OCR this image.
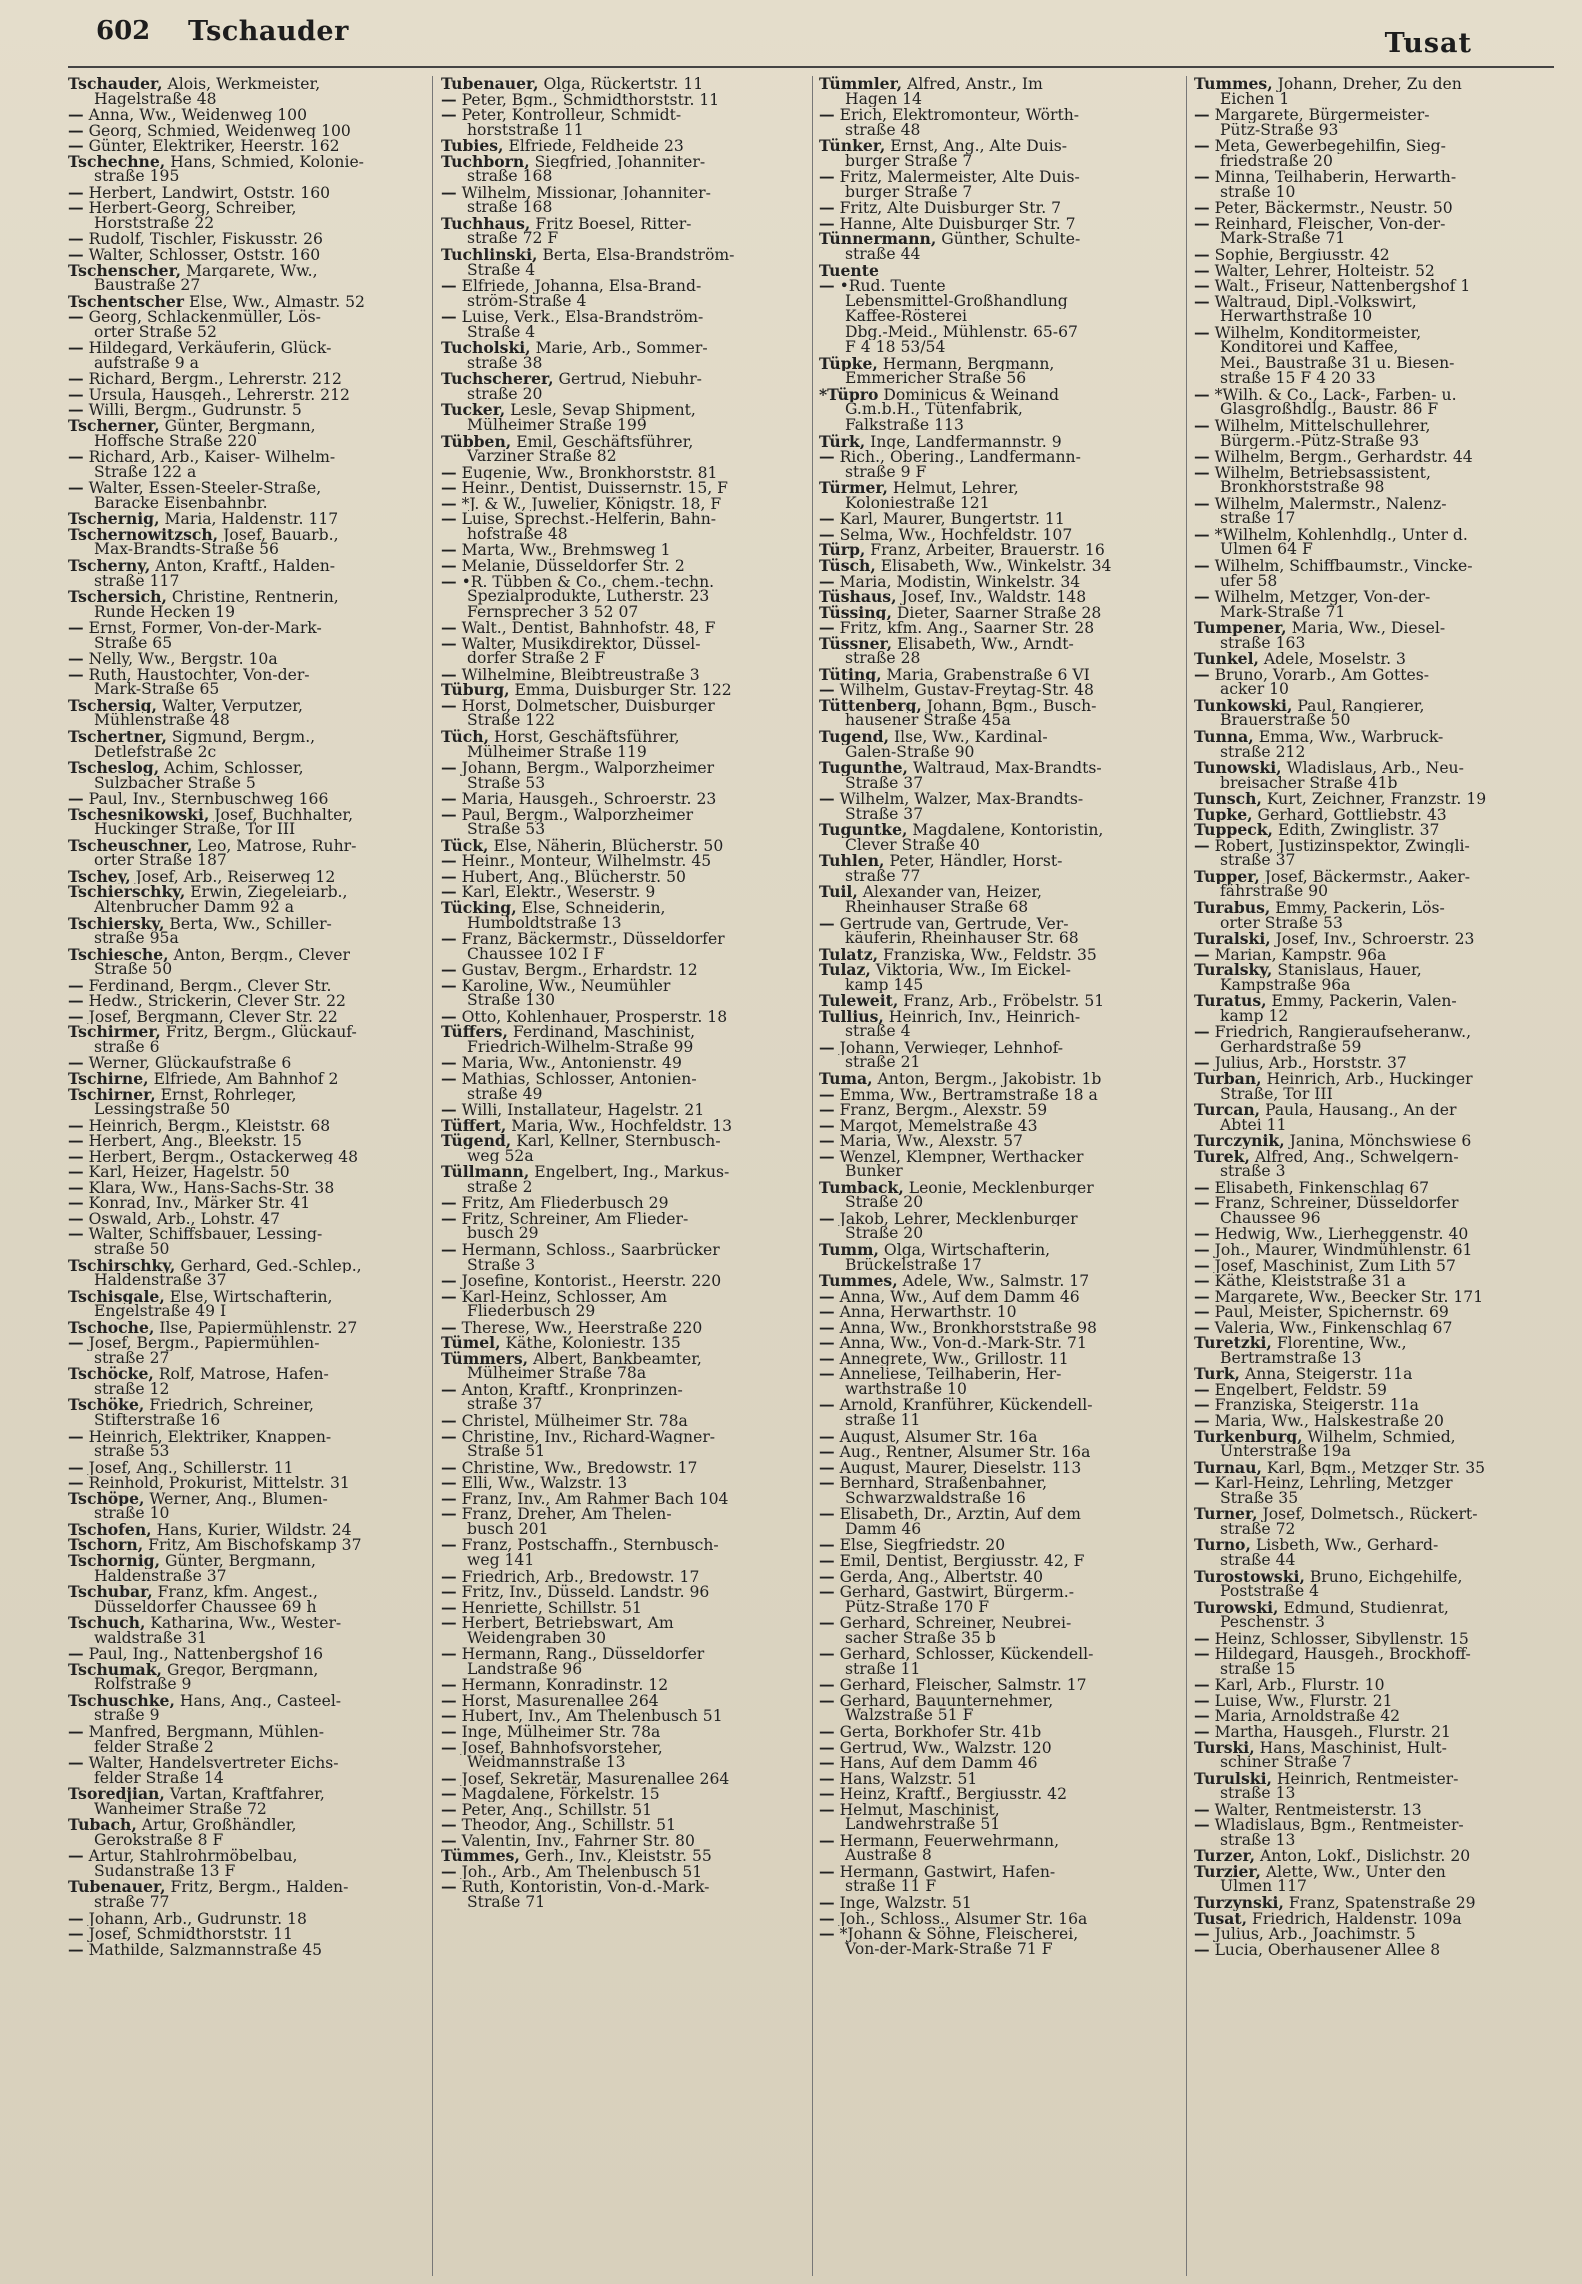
602 Tschauder	Tusat
Tschauder, Alois, Werkmeister,
Hagelstraße 48
— Anna, Ww., Weidenweg 100
— Georg, Schmied, Weidenweg 100
— Günter, Elektriker, Heerstr. 162
Tschechne, Hans, Schmied, Kolonie-
straße 195
— Herbert, Landwirt, Oststr. 160
— Herbert-Georg, Schreiber,
Horststraße 22
— Rudolf, Tischler, Fiskusstr. 26
— Walter, Schlosser, Oststr. 160
Tschenscher, Margarete, Ww.,
Baustraße 27
Tschentscher Else, Ww., Almastr. 52
— Georg, Schlackenmüller, Lös-
orter Straße 52
— Hildegard, Verkäuferin, Glück-
aufstraße 9 a
— Richard, Bergm., Lehrerstr. 212
— Ursula, Hausgeh., Lehrerstr. 212
— Willi, Bergm., Gudrunstr. 5
Tscherner, Günter, Bergmann,
Hoffsche Straße 220
— Richard, Arb., Kaiser- Wilhelm-
Straße 122 a
— Walter, Essen-Steeler-Straße,
Baracke Eisenbahnbr.
Tschernig, Maria, Haldenstr. 117
Tschernowitzsch, Josef, Bauarb.,
Max-Brandts-Straße 56
Tscherny, Anton, Kraftf., Halden-
straße 117
Tschersich, Christine, Rentnerin,
Runde Hecken 19
— Ernst, Former, Von-der-Mark-
Straße 65
— Nelly, Ww., Bergstr. 10a
— Ruth, Haustochter, Von-der-
Mark-Straße 65
Tschersig, Walter, Verputzer,
Mühlenstraße 48
Tschertner, Sigmund, Bergm.,
Detlefstraße 2c
Tscheslog, Achim, Schlosser,
Sulzbacher Straße 5
— Paul, Inv., Sternbuschweg 166
Tschesnikowski, Josef, Buchhalter,
Huckinger Straße, Tor III
Tscheuschner, Leo, Matrose, Ruhr-
orter Straße 187
Tschey, Josef, Arb., Reiserweg 12
Tschierschky, Erwin, Ziegeleiarb.,
Altenbrucher Damm 92 a
Tschiersky, Berta, Ww., Schiller-
straße 95a
Tschiesche, Anton, Bergm., Clever
Straße 50
— Ferdinand, Bergm., Clever Str.
— Hedw., Strickerin, Clever Str. 22
— Josef, Bergmann, Clever Str. 22
Tschirmer, Fritz, Bergm., Glückauf-
straße 6
— Werner, Glückaufstraße 6
Tschirne, Elfriede, Am Bahnhof 2
Tschirner, Ernst, Rohrleger,
Lessingstraße 50
— Heinrich, Bergm., Kleiststr. 68
— Herbert, Ang., Bleekstr. 15
— Herbert, Bergm., Ostackerweg 48
— Karl, Heizer, Hagelstr. 50
— Klara, Ww., Hans-Sachs-Str. 38
— Konrad, Inv., Märker Str. 41
— Oswald, Arb., Lohstr. 47
— Walter, Schiffsbauer, Lessing-
straße 50
Tschirschky, Gerhard, Ged.-Schlep.,
Haldenstraße 37
Tschisgale, Else, Wirtschafterin,
Engelstraße 49 I
Tschoche, Ilse, Papiermühlenstr. 27
— Josef, Bergm., Papiermühlen-
straße 27
Tschöcke, Rolf, Matrose, Hafen-
straße 12
Tschöke, Friedrich, Schreiner,
Stifterstraße 16
— Heinrich, Elektriker, Knappen-
straße 53
— Josef, Ang., Schillerstr. 11
— Reinhold, Prokurist, Mittelstr. 31
Tschöpe, Werner, Ang., Blumen-
straße 10
Tschofen, Hans, Kurier, Wildstr. 24
Tschorn, Fritz, Am Bischofskamp 37
Tschornig, Günter, Bergmann,
Haldenstraße 37
Tschubar, Franz, kfm. Angest.,
Düsseldorfer Chaussee 69 h
Tschuch, Katharina, Ww., Wester-
waldstraße 31
— Paul, Ing., Nattenbergshof 16
Tschumak, Gregor, Bergmann,
Rolfstraße 9
Tschuschke, Hans, Ang., Casteel-
straße 9
— Manfred, Bergmann, Mühlen-
felder Straße 2
— Walter, Handelsvertreter Eichs-
felder Straße 14
Tsoredjian, Vartan, Kraftfahrer,
Wanheimer Straße 72
Tubach, Artur, Großhändler,
Gerokstraße 8 F
— Artur, Stahlrohrmöbelbau,
Sudanstraße 13 F
Tubenauer, Fritz, Bergm., Halden-
straße 77
— Johann, Arb., Gudrunstr. 18
— Josef, Schmidthorststr. 11
— Mathilde, Salzmannstraße 45
Tubenauer, Olga, Rückertstr. 11
— Peter, Bgm., Schmidthorststr. 11
— Peter, Kontrolleur, Schmidt-
horststraße 11
Tubies, Elfriede, Feldheide 23
Tuchborn, Siegfried, Johanniter-
straße 168
— Wilhelm, Missionar, Johanniter-
straße 168
Tuchhaus, Fritz Boesel, Ritter-
straße 72 F
Tuchlinski, Berta, Elsa-Brandström-
Straße 4
— Elfriede, Johanna, Elsa-Brand-
ström-Straße 4
— Luise, Verk., Elsa-Brandström-
Straße 4
Tucholski, Marie, Arb., Sommer-
straße 38
Tuchscherer, Gertrud, Niebuhr-
straße 20
Tucker, Lesle, Sevap Shipment,
Mülheimer Straße 199
Tübben, Emil, Geschäftsführer,
Varziner Straße 82
— Eugenie, Ww., Bronkhorststr. 81
— Heinr., Dentist, Duissernstr. 15, F
— *J. & W., Juwelier, Königstr. 18, F
— Luise, Sprechst.-Helferin, Bahn-
hofstraße 48
— Marta, Ww., Brehmsweg 1
— Melanie, Düsseldorfer Str. 2
— •R. Tübben & Co., chem.-techn.
Spezialprodukte, Lutherstr. 23
Fernsprecher 3 52 07
— Walt., Dentist, Bahnhofstr. 48, F
— Walter, Musikdirektor, Düssel-
dorfer Straße 2 F
— Wilhelmine, Bleibtreustraße 3
Tüburg, Emma, Duisburger Str. 122
— Horst, Dolmetscher, Duisburger
Straße 122
Tüch, Horst, Geschäftsführer,
Mülheimer Straße 119
— Johann, Bergm., Walporzheimer
Straße 53
— Maria, Hausgeh., Schroerstr. 23
— Paul, Bergm., Walporzheimer
Straße 53
Tück, Else, Näherin, Blücherstr. 50
— Heinr., Monteur, Wilhelmstr. 45
— Hubert, Ang., Blücherstr. 50
— Karl, Elektr., Weserstr. 9
Tücking, Else, Schneiderin,
Humboldtstraße 13
— Franz, Bäckermstr., Düsseldorfer
Chaussee 102 I F
— Gustav, Bergm., Erhardstr. 12
— Karoline, Ww., Neumühler
Straße 130
— Otto, Kohlenhauer, Prosperstr. 18
Tüffers, Ferdinand, Maschinist,
Friedrich-Wilhelm-Straße 99
— Maria, Ww., Antonienstr. 49
— Mathias, Schlosser, Antonien-
straße 49
— Willi, Installateur, Hagelstr. 21
Tüffert, Maria, Ww., Hochfeldstr. 13
Tügend, Karl, Kellner, Sternbusch-
weg 52a
Tüllmann, Engelbert, Ing., Markus-
straße 2
— Fritz, Am Fliederbusch 29
— Fritz, Schreiner, Am Flieder-
busch 29
— Hermann, Schloss., Saarbrücker
Straße 3
— Josefine, Kontorist., Heerstr. 220
— Karl-Heinz, Schlosser, Am
Fliederbusch 29
— Therese, Ww., Heerstraße 220
Tümel, Käthe, Koloniestr. 135
Tümmers, Albert, Bankbeamter,
Mülheimer Straße 78a
— Anton, Kraftf., Kronprinzen-
straße 37
— Christel, Mülheimer Str. 78a
— Christine, Inv., Richard-Wagner-
Straße 51
— Christine, Ww., Bredowstr. 17
— Elli, Ww., Walzstr. 13
— Franz, Inv., Am Rahmer Bach 104
— Franz, Dreher, Am Thelen-
busch 201
— Franz, Postschaffn., Sternbusch-
weg 141
— Friedrich, Arb., Bredowstr. 17
— Fritz, Inv., Düsseld. Landstr. 96
— Henriette, Schillstr. 51
— Herbert, Betriebswart, Am
Weidengraben 30
— Hermann, Rang., Düsseldorfer
Landstraße 96
— Hermann, Konradinstr. 12
— Horst, Masurenallee 264
— Hubert, Inv., Am Thelenbusch 51
— Inge, Mülheimer Str. 78a
— Josef, Bahnhofsvorsteher,
Weidmannstraße 13
— Josef, Sekretär, Masurenallee 264
— Magdalene, Förkelstr. 15
— Peter, Ang., Schillstr. 51
— Theodor, Ang., Schillstr. 51
— Valentin, Inv., Fahrner Str. 80
Tümmes, Gerh., Inv., Kleiststr. 55
— Joh., Arb., Am Thelenbusch 51
— Ruth, Kontoristin, Von-d.-Mark-
Straße 71
Tümmler, Alfred, Anstr., Im
Hagen 14
— Erich, Elektromonteur, Wörth-
straße 48
Tünker, Ernst, Ang., Alte Duis-
burger Straße 7
— Fritz, Malermeister, Alte Duis-
burger Straße 7
— Fritz, Alte Duisburger Str. 7
— Hanne, Alte Duisburger Str. 7
Tünnermann, Günther, Schulte-
straße 44
Tuente
— •Rud. Tuente
Lebensmittel-Großhandlung
Kaffee-Rösterei
Dbg.-Meid., Mühlenstr. 65-67
F 4 18 53/54
Tüpke, Hermann, Bergmann,
Emmericher Straße 56
*Tüpro Dominicus & Weinand
G.m.b.H., Tütenfabrik,
Falkstraße 113
Türk, Inge, Landfermannstr. 9
— Rich., Obering., Landfermann-
straße 9 F
Türmer, Helmut, Lehrer,
Koloniestraße 121
— Karl, Maurer, Bungertstr. 11
— Selma, Ww., Hochfeldstr. 107
Türp, Franz, Arbeiter, Brauerstr. 16
Tüsch, Elisabeth, Ww., Winkelstr. 34
— Maria, Modistin, Winkelstr. 34
Tüshaus, Josef, Inv., Waldstr. 148
Tüssing, Dieter, Saarner Straße 28
— Fritz, kfm. Ang., Saarner Str. 28
Tüssner, Elisabeth, Ww., Arndt-
straße 28
Tüting, Maria, Grabenstraße 6 VI
— Wilhelm, Gustav-Freytag-Str. 48
Tüttenberg, Johann, Bgm., Busch-
hausener Straße 45a
Tugend, Ilse, Ww., Kardinal-
Galen-Straße 90
Tugunthe, Waltraud, Max-Brandts-
Straße 37
— Wilhelm, Walzer, Max-Brandts-
Straße 37
Tuguntke, Magdalene, Kontoristin,
Clever Straße 40
Tuhlen, Peter, Händler, Horst-
straße 77
Tuil, Alexander van, Heizer,
Rheinhauser Straße 68
— Gertrude van, Gertrude, Ver-
käuferin, Rheinhauser Str. 68
Tulatz, Franziska, Ww., Feldstr. 35
Tulaz, Viktoria, Ww., Im Eickel-
kamp 145
Tuleweit, Franz, Arb., Fröbelstr. 51
Tullius, Heinrich, Inv., Heinrich-
straße 4
— Johann, Verwieger, Lehnhof-
straße 21
Tuma, Anton, Bergm., Jakobistr. 1b
— Emma, Ww., Bertramstraße 18 a
— Franz, Bergm., Alexstr. 59
— Margot, Memelstraße 43
— Maria, Ww., Alexstr. 57
— Wenzel, Klempner, Werthacker
Bunker
Tumback, Leonie, Mecklenburger
Straße 20
— Jakob, Lehrer, Mecklenburger
Straße 20
Tumm, Olga, Wirtschafterin,
Brückelstraße 17
Tummes, Adele, Ww., Salmstr. 17
— Anna, Ww., Auf dem Damm 46
— Anna, Herwarthstr. 10
— Anna, Ww., Bronkhorststraße 98
— Anna, Ww., Von-d.-Mark-Str. 71
— Annegrete, Ww., Grillostr. 11
— Anneliese, Teilhaberin, Her-
warthstraße 10
— Arnold, Kranführer, Kückendell-
straße 11
— August, Alsumer Str. 16a
— Aug., Rentner, Alsumer Str. 16a
— August, Maurer, Dieselstr. 113
— Bernhard, Straßenbahner,
Schwarzwaldstraße 16
— Elisabeth, Dr., Ärztin, Auf dem
Damm 46
— Else, Siegfriedstr. 20
— Emil, Dentist, Bergiusstr. 42, F
— Gerda, Ang., Albertstr. 40
— Gerhard, Gastwirt, Bürgerm.-
Pütz-Straße 170 F
— Gerhard, Schreiner, Neubrei-
sacher Straße 35 b
— Gerhard, Schlosser, Kückendell-
straße 11
— Gerhard, Fleischer, Salmstr. 17
— Gerhard, Bauunternehmer,
Walzstraße 51 F
— Gerta, Borkhofer Str. 41b
— Gertrud, Ww., Walzstr. 120
— Hans, Auf dem Damm 46
— Hans, Walzstr. 51
— Heinz, Kraftf., Bergiusstr. 42
— Helmut, Maschinist,
Landwehrstraße 51
— Hermann, Feuerwehrmann,
Austraße 8
— Hermann, Gastwirt, Hafen-
straße 11 F
— Inge, Walzstr. 51
— Joh., Schloss., Alsumer Str. 16a
— *Johann & Söhne, Fleischerei,
Von-der-Mark-Straße 71 F
Tummes, Johann, Dreher, Zu den
Eichen 1
— Margarete, Bürgermeister-
Pütz-Straße 93
— Meta, Gewerbegehilfin, Sieg-
friedstraße 20
— Minna, Teilhaberin, Herwarth-
straße 10
— Peter, Bäckermstr., Neustr. 50
— Reinhard, Fleischer, Von-der-
Mark-Straße 71
— Sophie, Bergiusstr. 42
— Walter, Lehrer, Holteistr. 52
— Walt., Friseur, Nattenbergshof 1
— Waltraud, Dipl.-Volkswirt,
Herwarthstraße 10
— Wilhelm, Konditormeister,
Konditorei und Kaffee,
Mei., Baustraße 31 u. Biesen-
straße 15 F 4 20 33
— *Wilh. & Co., Lack-, Farben- u.
Glasgroßhdlg., Baustr. 86 F
— Wilhelm, Mittelschullehrer,
Bürgerm.-Pütz-Straße 93
— Wilhelm, Bergm., Gerhardstr. 44
— Wilhelm, Betriebsassistent,
Bronkhorststraße 98
— Wilhelm, Malermstr., Nalenz-
straße 17
— *Wilhelm, Kohlenhdlg., Unter d.
Ulmen 64 F
— Wilhelm, Schiffbaumstr., Vincke-
ufer 58
— Wilhelm, Metzger, Von-der-
Mark-Straße 71
Tumpener, Maria, Ww., Diesel-
straße 163
Tunkel, Adele, Moselstr. 3
— Bruno, Vorarb., Am Gottes-
acker 10
Tunkowski, Paul, Rangierer,
Brauerstraße 50
Tunna, Emma, Ww., Warbruck-
straße 212
Tunowski, Wladislaus, Arb., Neu-
breisacher Straße 41b
Tunsch, Kurt, Zeichner, Franzstr. 19
Tupke, Gerhard, Gottliebstr. 43
Tuppeck, Edith, Zwinglistr. 37
— Robert, Justizinspektor, Zwingli-
straße 37
Tupper, Josef, Bäckermstr., Aaker-
fährstraße 90
Turabus, Emmy, Packerin, Lös-
orter Straße 53
Turalski, Josef, Inv., Schroerstr. 23
— Marian, Kampstr. 96a
Turalsky, Stanislaus, Hauer,
Kampstraße 96a
Turatus, Emmy, Packerin, Valen-
kamp 12
— Friedrich, Rangieraufseheranw.,
Gerhardstraße 59
— Julius, Arb., Horststr. 37
Turban, Heinrich, Arb., Huckinger
Straße, Tor III
Turcan, Paula, Hausang., An der
Abtei 11
Turczynik, Janina, Mönchswiese 6
Turek, Alfred, Ang., Schwelgern-
straße 3
— Elisabeth, Finkenschlag 67
— Franz, Schreiner, Düsseldorfer
Chaussee 96
— Hedwig, Ww., Lierheggenstr. 40
— Joh., Maurer, Windmühlenstr. 61
— Josef, Maschinist, Zum Lith 57
— Käthe, Kleiststraße 31 a
— Margarete, Ww., Beecker Str. 171
— Paul, Meister, Spichernstr. 69
— Valeria, Ww., Finkenschlag 67
Turetzki, Florentine, Ww.,
Bertramstraße 13
Turk, Anna, Steigerstr. 11a
— Engelbert, Feldstr. 59
— Franziska, Steigerstr. 11a
— Maria, Ww., Halskestraße 20
Turkenburg, Wilhelm, Schmied,
Unterstraße 19a
Turnau, Karl, Bgm., Metzger Str. 35
— Karl-Heinz, Lehrling, Metzger
Straße 35
Turner, Josef, Dolmetsch., Rückert-
straße 72
Turno, Lisbeth, Ww., Gerhard-
straße 44
Turostowski, Bruno, Eichgehilfe,
Poststraße 4
Turowski, Edmund, Studienrat,
Peschenstr. 3
— Heinz, Schlosser, Sibyllenstr. 15
— Hildegard, Hausgeh., Brockhoff-
straße 15
— Karl, Arb., Flurstr. 10
— Luise, Ww., Flurstr. 21
— Maria, Arnoldstraße 42
— Martha, Hausgeh., Flurstr. 21
Turski, Hans, Maschinist, Hult-
schiner Straße 7
Turulski, Heinrich, Rentmeister-
straße 13
— Walter, Rentmeisterstr. 13
— Wladislaus, Bgm., Rentmeister-
straße 13
Turzer, Anton, Lokf., Dislichstr. 20
Turzier, Alette, Ww., Unter den
Ulmen 117
Turzynski, Franz, Spatenstraße 29
Tusat, Friedrich, Haldenstr. 109a
— Julius, Arb., Joachimstr. 5
— Lucia, Oberhausener Allee 8
